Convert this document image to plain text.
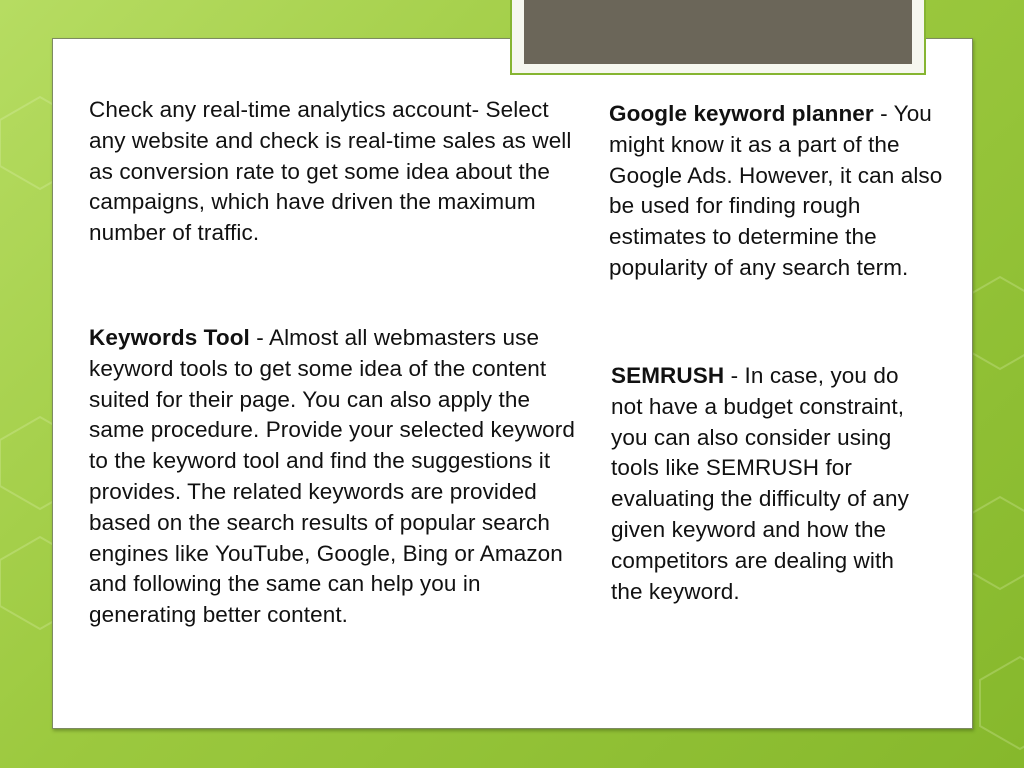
Check any real-time analytics account- Select any website and check is real-time sales as well as conversion rate to get some idea about the campaigns, which have driven the maximum number of traffic.

Keywords Tool - Almost all webmasters use keyword tools to get some idea of the content suited for their page. You can also apply the same procedure. Provide your selected keyword to the keyword tool and find the suggestions it provides. The related keywords are provided based on the search results of popular search engines like YouTube, Google, Bing or Amazon and following the same can help you in generating better content.

Google keyword planner - You might know it as a part of the Google Ads. However, it can also be used for finding rough estimates to determine the popularity of any search term.

SEMRUSH - In case, you do not have a budget constraint, you can also consider using tools like SEMRUSH for evaluating the difficulty of any given keyword and how the competitors are dealing with the keyword.
